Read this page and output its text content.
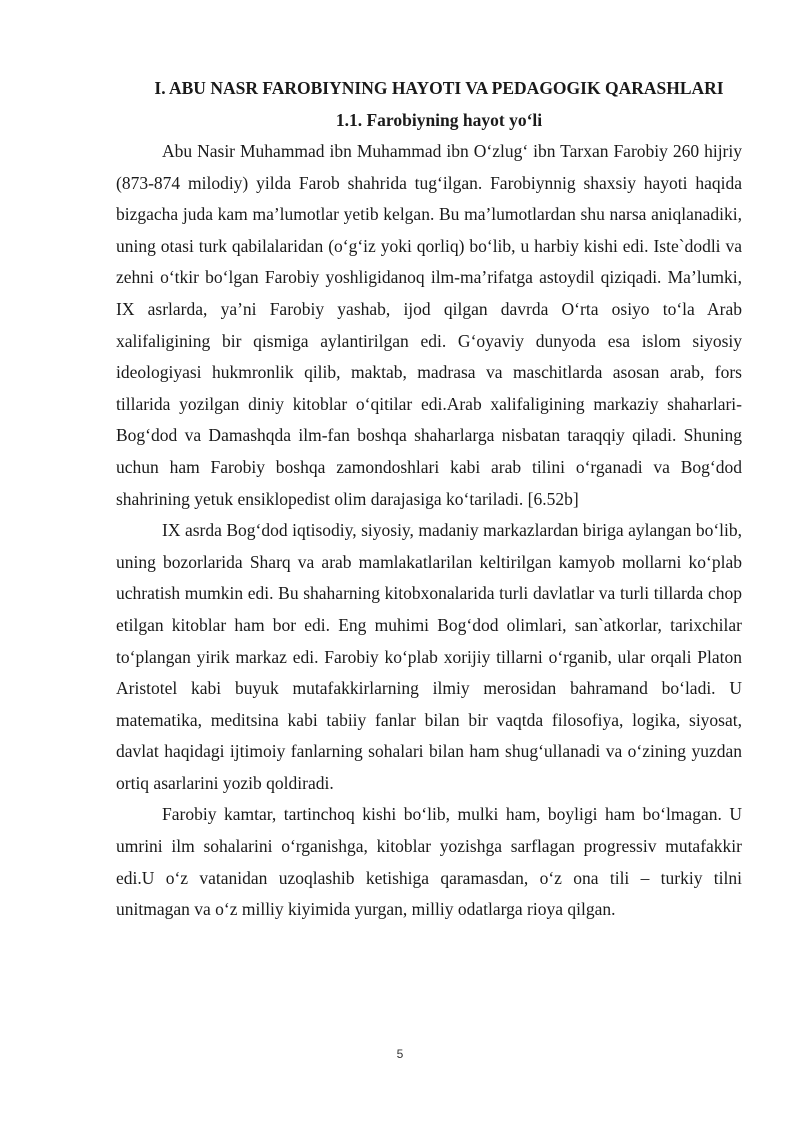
I. ABU NASR FAROBIYNING HAYOTI VA PEDAGOGIK QARASHLARI
1.1. Farobiyning hayot yo‘li

Abu Nasir Muhammad ibn Muhammad ibn O‘zlug‘ ibn Tarxan Farobiy 260 hijriy (873-874 milodiy) yilda Farob shahrida tug‘ilgan. Farobiynnig shaxsiy hayoti haqida bizgacha juda kam ma’lumotlar yetib kelgan. Bu ma’lumotlardan shu narsa aniqlanadiki, uning otasi turk qabilalaridan (o‘g‘iz yoki qorliq) bo‘lib, u harbiy kishi edi. Iste`dodli va zehni o‘tkir bo‘lgan Farobiy yoshligidanoq ilm-ma’rifatga astoydil qiziqadi. Ma’lumki, IX asrlarda, ya’ni Farobiy yashab, ijod qilgan davrda O‘rta osiyo to‘la Arab xalifaligining bir qismiga aylantirilgan edi. G‘oyaviy dunyoda esa islom siyosiy ideologiyasi hukmronlik qilib, maktab, madrasa va maschitlarda asosan arab, fors tillarida yozilgan diniy kitoblar o‘qitilar edi.Arab xalifaligining markaziy shaharlari-Bog‘dod va Damashqda ilm-fan boshqa shaharlarga nisbatan taraqqiy qiladi. Shuning uchun ham Farobiy boshqa zamondoshlari kabi arab tilini o‘rganadi va Bog‘dod shahrining yetuk ensiklopedist olim darajasiga ko‘tariladi. [6.52b]

IX asrda Bog‘dod iqtisodiy, siyosiy, madaniy markazlardan biriga aylangan bo‘lib, uning bozorlarida Sharq va arab mamlakatlarilan keltirilgan kamyob mollarni ko‘plab uchratish mumkin edi. Bu shaharning kitobxonalarida turli davlatlar va turli tillarda chop etilgan kitoblar ham bor edi. Eng muhimi Bog‘dod olimlari, san`atkorlar, tarixchilar to‘plangan yirik markaz edi. Farobiy ko‘plab xorijiy tillarni o‘rganib, ular orqali Platon Aristotel kabi buyuk mutafakkirlarning ilmiy merosidan bahramand bo‘ladi. U matematika, meditsina kabi tabiiy fanlar bilan bir vaqtda filosofiya, logika, siyosat, davlat haqidagi ijtimoiy fanlarning sohalari bilan ham shug‘ullanadi va o‘zining yuzdan ortiq asarlarini yozib qoldiradi.

Farobiy kamtar, tartinchoq kishi bo‘lib, mulki ham, boyligi ham bo‘lmagan. U umrini ilm sohalarini o‘rganishga, kitoblar yozishga sarflagan progressiv mutafakkir edi.U o‘z vatanidan uzoqlashib ketishiga qaramasdan, o‘z ona tili – turkiy tilni unitmagan va o‘z milliy kiyimida yurgan, milliy odatlarga rioya qilgan.

5
